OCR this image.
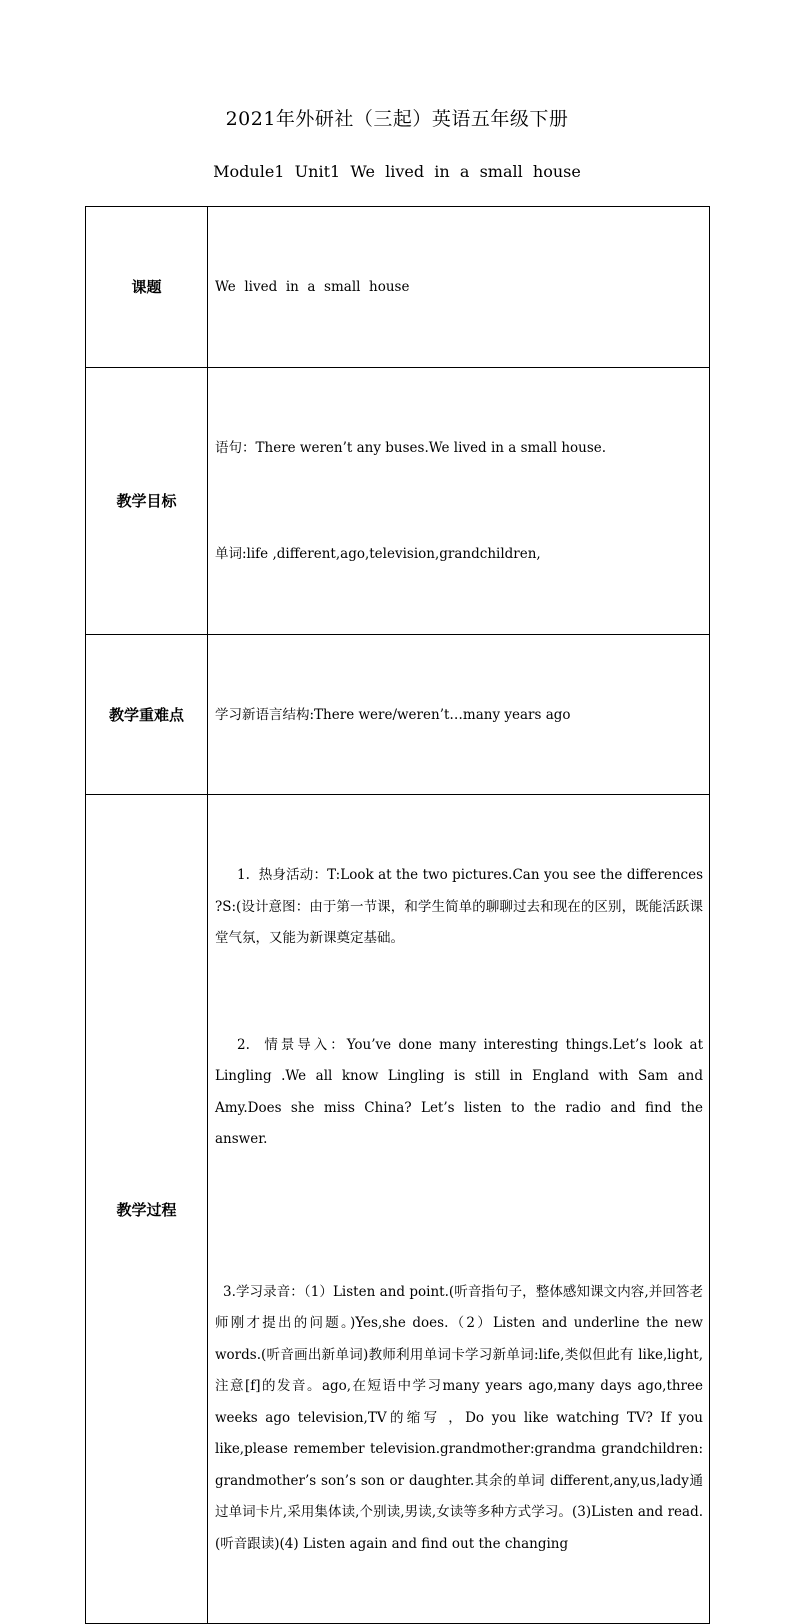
2021年外研社（三起）英语五年级下册
Module1  Unit1  We  lived  in  a  small  house
课题	We  lived  in  a  small  house

教学目标	语句：There weren’t any buses.We lived in a small house.

单词:life ,different,ago,television,grandchildren,

教学重难点	学习新语言结构:There were/weren’t…many years ago

教学过程	1.  热身活动：T:Look at the two pictures.Can you see the differences ?S:(设计意图：由于第一节课，和学生简单的聊聊过去和现在的区别，既能活跃课堂气氛，又能为新课奠定基础。

2.  情景导入：You’ve done many interesting things.Let’s look at Lingling .We all know Lingling is still in England with Sam and Amy.Does she miss China? Let’s listen to the radio and find the answer.

3.学习录音：（1）Listen and point.(听音指句子，整体感知课文内容,并回答老师刚才提出的问题。)Yes,she does.（2）Listen and underline the new words.(听音画出新单词)教师利用单词卡学习新单词:life,类似但此有 like,light,注意[f]的发音。ago,在短语中学习many years ago,many days ago,three weeks ago television,TV的缩写 ，Do you like watching TV? If you like,please remember television.grandmother:grandma grandchildren: grandmother’s son’s son or daughter.其余的单词 different,any,us,lady通过单词卡片,采用集体读,个别读,男读,女读等多种方式学习。(3)Listen and read.(听音跟读)(4) Listen again and find out the changing
